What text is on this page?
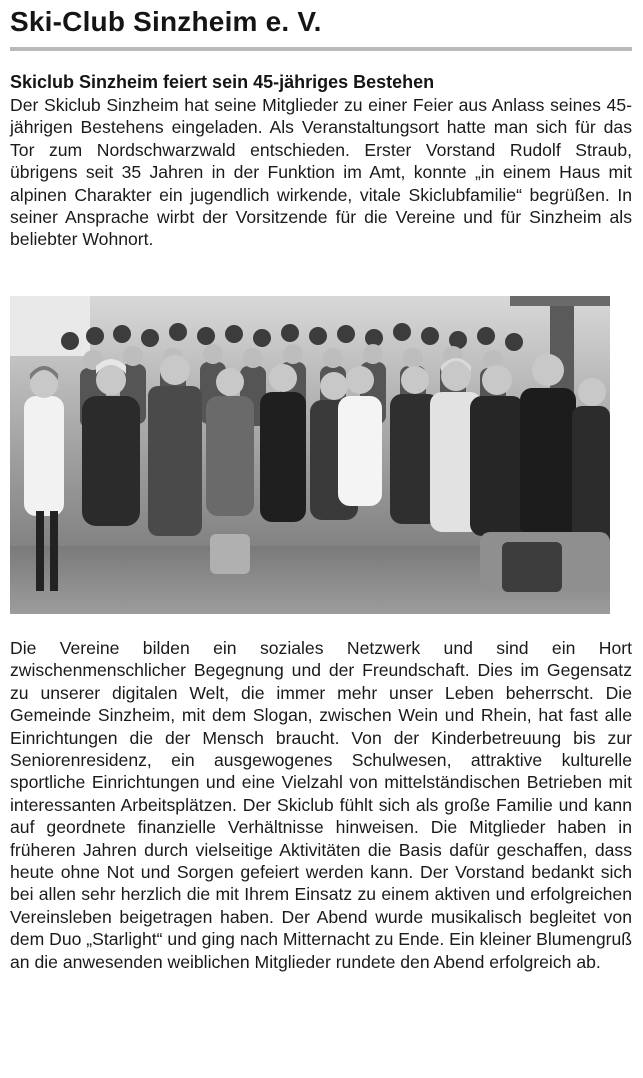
Ski-Club Sinzheim e. V.
Skiclub Sinzheim feiert sein 45-jähriges Bestehen

Der Skiclub Sinzheim hat seine Mitglieder zu einer Feier aus Anlass seines 45-jährigen Bestehens eingeladen. Als Veranstaltungsort hatte man sich für das Tor zum Nordschwarzwald entschieden. Erster Vorstand Rudolf Straub, übrigens seit 35 Jahren in der Funktion im Amt, konnte „in einem Haus mit alpinen Charakter ein jugendlich wirkende, vitale Skiclubfamilie“ begrüßen. In seiner Ansprache wirbt der Vorsitzende für die Vereine und für Sinzheim als beliebter Wohnort.

Die Vereine bilden ein soziales Netzwerk und sind ein Hort zwischenmenschlicher Begegnung und der Freundschaft. Dies im Gegensatz zu unserer digitalen Welt, die immer mehr unser Leben beherrscht. Die Gemeinde Sinzheim, mit dem Slogan, zwischen Wein und Rhein, hat fast alle Einrichtungen die der Mensch braucht. Von der Kinderbetreuung bis zur Seniorenresidenz, ein ausgewogenes Schulwesen, attraktive kulturelle sportliche Einrichtungen und eine Vielzahl von mittelständischen Betrieben mit interessanten Arbeitsplätzen. Der Skiclub fühlt sich als große Familie und kann auf geordnete finanzielle Verhältnisse hinweisen. Die Mitglieder haben in früheren Jahren durch vielseitige Aktivitäten die Basis dafür geschaffen, dass heute ohne Not und Sorgen gefeiert werden kann. Der Vorstand bedankt sich bei allen sehr herzlich die mit Ihrem Einsatz zu einem aktiven und erfolgreichen Vereinsleben beigetragen haben. Der Abend wurde musikalisch begleitet von dem Duo „Starlight“ und ging nach Mitternacht zu Ende. Ein kleiner Blumengruß an die anwesenden weiblichen Mitglieder rundete den Abend erfolgreich ab.
